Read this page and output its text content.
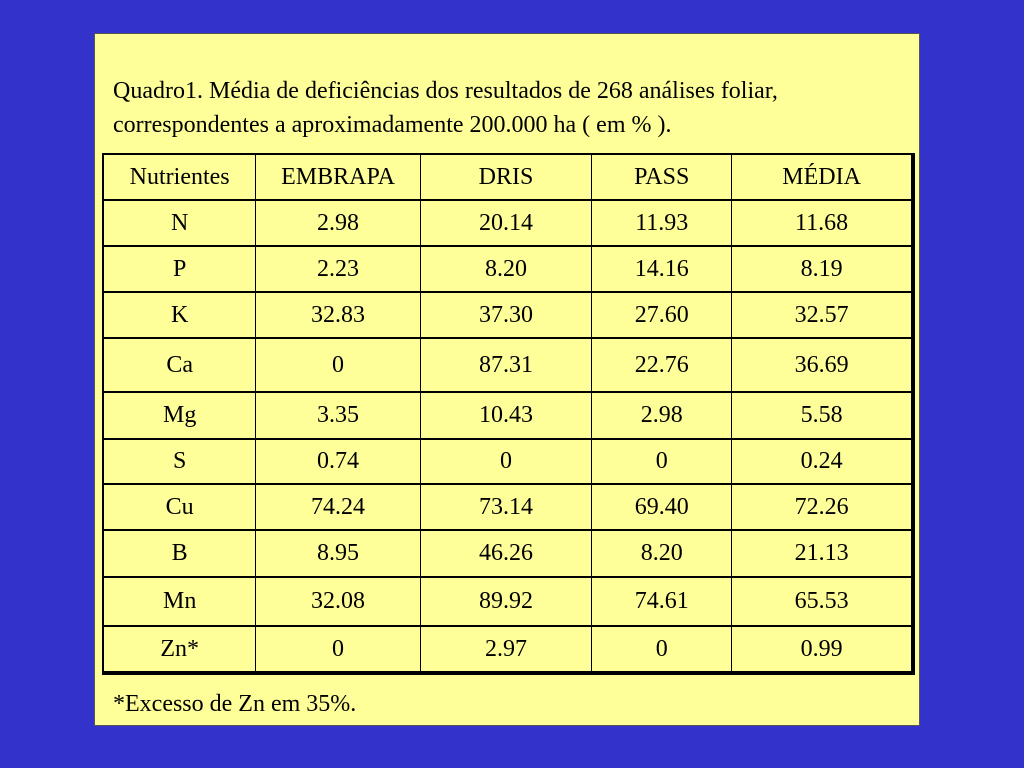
Quadro1. Média de deficiências dos resultados de 268 análises foliar,
correspondentes a aproximadamente 200.000 ha ( em % ).
Nutrientes	EMBRAPA	DRIS	PASS	MÉDIA
N	2.98	20.14	11.93	11.68
P	2.23	8.20	14.16	8.19
K	32.83	37.30	27.60	32.57
Ca	0	87.31	22.76	36.69
Mg	3.35	10.43	2.98	5.58
S	0.74	0	0	0.24
Cu	74.24	73.14	69.40	72.26
B	8.95	46.26	8.20	21.13
Mn	32.08	89.92	74.61	65.53
Zn*	0	2.97	0	0.99
*Excesso de Zn em 35%.
